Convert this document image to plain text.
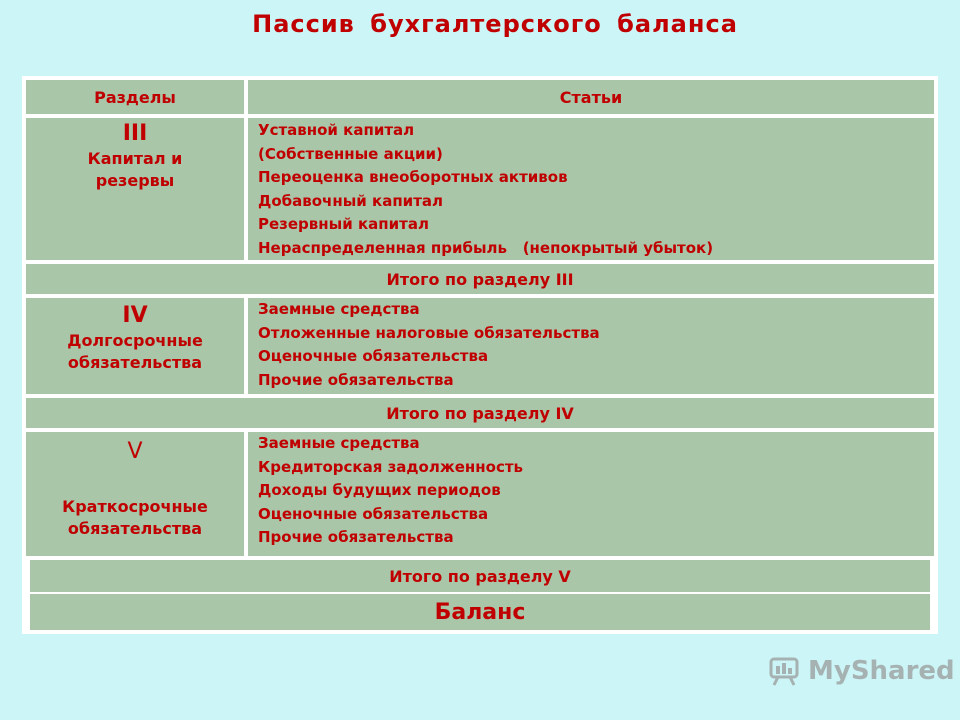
Пассив бухгалтерского баланса
Разделы	Статьи
III
Капитал и
резервы
Уставной капитал
(Собственные акции)
Переоценка внеоборотных активов
Добавочный капитал
Резервный капитал
Нераспределенная прибыль   (непокрытый убыток)
Итого по разделу III
IV
Долгосрочные
обязательства
Заемные средства
Отложенные налоговые обязательства
Оценочные обязательства
Прочие обязательства
Итого по разделу IV
V
Краткосрочные
обязательства
Заемные средства
Кредиторская задолженность
Доходы будущих периодов
Оценочные обязательства
Прочие обязательства
Итого по разделу V
Баланс
MyShared
